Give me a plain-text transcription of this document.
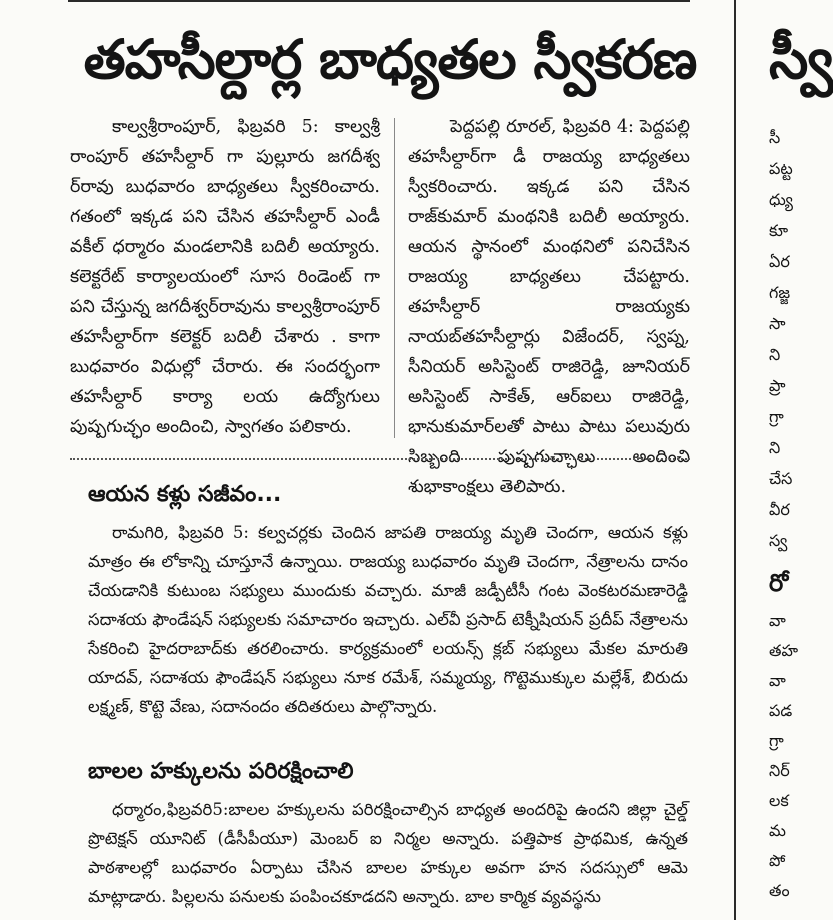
తహసీల్దార్ల బాధ్యతల స్వీకరణ

కాల్వశ్రీరాంపూర్, ఫిబ్రవరి 5: కాల్వశ్రీ రాంపూర్ తహసీల్దార్ గా పుల్లూరు జగదీశ్వ ర్‌రావు బుధవారం బాధ్యతలు స్వీకరించారు. గతంలో ఇక్కడ పని చేసిన తహసీల్దార్ ఎండీ వకీల్ ధర్మారం మండలానికి బదిలీ అయ్యారు. కలెక్టరేట్ కార్యాలయంలో సూస రిండెంట్ గా పని చేస్తున్న జగదీశ్వర్‌రావును కాల్వశ్రీరాంపూర్ తహసీల్దార్‌గా కలెక్టర్ బదిలీ చేశారు . కాగా బుధవారం విధుల్లో చేరారు. ఈ సందర్భంగా తహసీల్దార్ కార్యా లయ ఉద్యోగులు పుష్పగుచ్ఛం అందించి, స్వాగతం పలికారు.

పెద్దపల్లి రూరల్, ఫిబ్రవరి 4: పెద్దపల్లి తహసీల్దార్‌గా డీ రాజయ్య బాధ్యతలు స్వీకరించారు. ఇక్కడ పని చేసిన రాజ్‌కుమార్ మంథనికి బదిలీ అయ్యారు. ఆయన స్థానంలో మంథనిలో పనిచేసిన రాజయ్య బాధ్యతలు చేపట్టారు. తహసీల్దార్ రాజయ్యకు నాయబ్‌తహసీల్దార్లు విజేందర్, స్వప్న, సీనియర్ అసిస్టెంట్ రాజిరెడ్డి, జూనియర్ అసిస్టెంట్ సాకేత్, ఆర్‌ఐలు రాజిరెడ్డి, భానుకుమార్‌లతో పాటు పాటు పలువురు సిబ్బంది పుష్పగుచ్ఛాలు అందించి శుభాకాంక్షలు తెలిపారు.

ఆయన కళ్లు సజీవం...

రామగిరి, ఫిబ్రవరి 5: కల్వచర్లకు చెందిన జాపతి రాజయ్య మృతి చెందగా, ఆయన కళ్లు మాత్రం ఈ లోకాన్ని చూస్తూనే ఉన్నాయి. రాజయ్య బుధవారం మృతి చెందగా, నేత్రాలను దానం చేయడానికి కుటుంబ సభ్యులు ముందుకు వచ్చారు. మాజీ జడ్పీటీసీ గంట వెంకటరమణారెడ్డి సదాశయ ఫౌండేషన్ సభ్యులకు సమాచారం ఇచ్చారు. ఎల్‌వీ ప్రసాద్ టెక్నీషియన్ ప్రదీప్ నేత్రాలను సేకరించి హైదరాబాద్‌కు తరలించారు. కార్యక్రమంలో లయన్స్ క్లబ్ సభ్యులు మేకల మారుతి యాదవ్, సదాశయ ఫౌండేషన్ సభ్యులు నూక రమేశ్, సమ్మయ్య, గొట్టెముక్కుల మల్లేశ్, బిరుదు లక్ష్మణ్, కొట్టె వేణు, సదానందం తదితరులు పాల్గొన్నారు.

బాలల హక్కులను పరిరక్షించాలి

ధర్మారం,ఫిబ్రవరి5:బాలల హక్కులను పరిరక్షించాల్సిన బాధ్యత అందరిపై ఉందని జిల్లా చైల్డ్ ప్రొటెక్షన్ యూనిట్ (డీసీపీయూ) మెంబర్ ఐ నిర్మల అన్నారు. పత్తిపాక ప్రాథమిక, ఉన్నత పాఠశాలల్లో బుధవారం ఏర్పాటు చేసిన బాలల హక్కుల అవగా హన సదస్సులో ఆమె మాట్లాడారు. పిల్లలను పనులకు పంపించకూడదని అన్నారు. బాల కార్మిక వ్యవస్థను

స్వీ
సీ
పట్ట
ధ్యు
కూ
ఏర
గజ్జ
సా
ని
ప్రా
గ్రా
ని
చేస
వీర
స్వ
రో
వా
తహ
వా
పడ
గ్రా
నిర్
లక
మ
పో
తం
